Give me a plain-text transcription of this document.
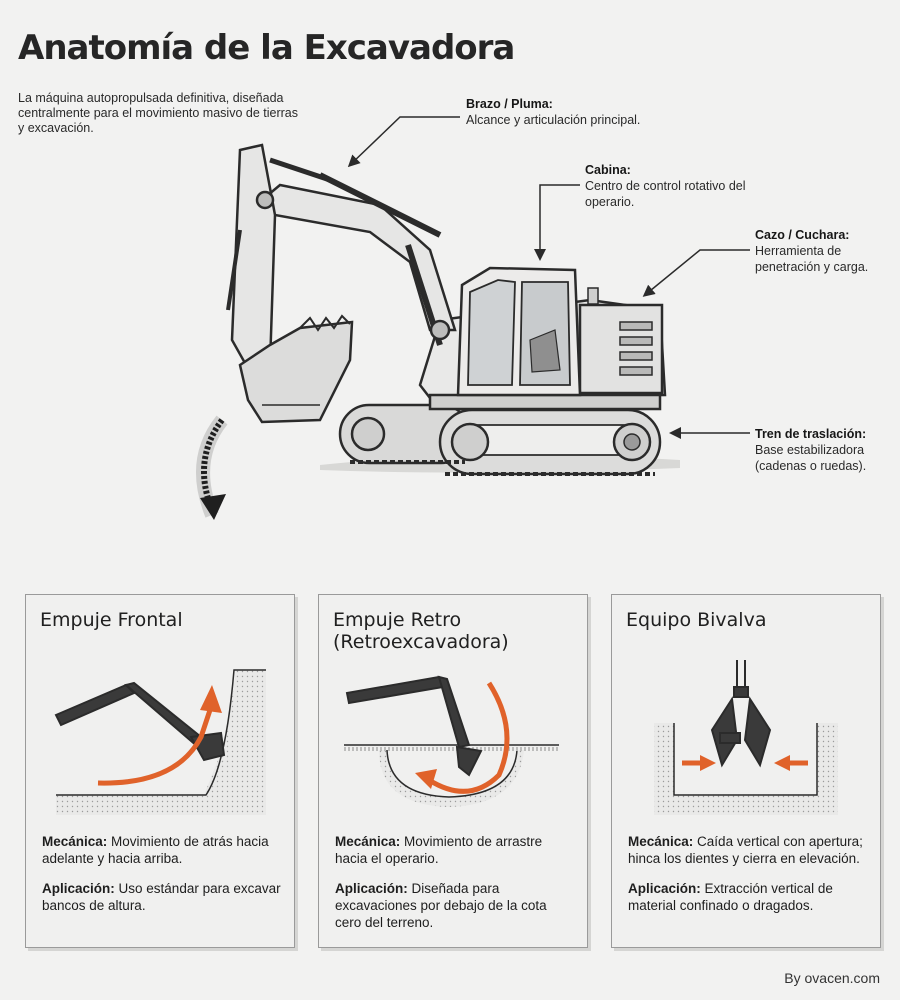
Anatomía de la Excavadora
La máquina autopropulsada definitiva, diseñada centralmente para el movimiento masivo de tierras y excavación.
Brazo / Pluma:
Alcance y articulación principal.
Cabina:
Centro de control rotativo del operario.
Cazo / Cuchara:
Herramienta de penetración y carga.
Tren de traslación:
Base estabilizadora (cadenas o ruedas).
Empuje Frontal

Mecánica: Movimiento de atrás hacia adelante y hacia arriba.

Aplicación: Uso estándar para excavar bancos de altura.

Empuje Retro (Retroexcavadora)

Mecánica: Movimiento de arrastre hacia el operario.

Aplicación: Diseñada para excavaciones por debajo de la cota cero del terreno.

Equipo Bivalva

Mecánica: Caída vertical con apertura; hinca los dientes y cierra en elevación.

Aplicación: Extracción vertical de material confinado o dragados.

By ovacen.com
